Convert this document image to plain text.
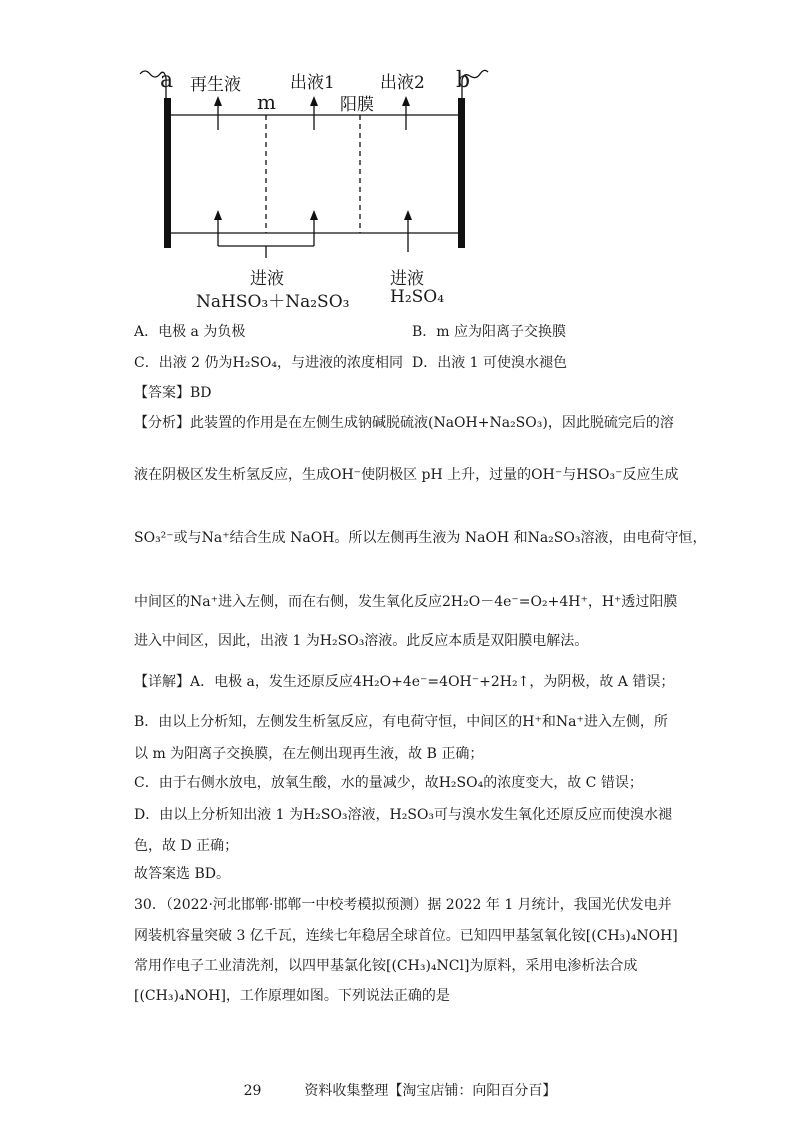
a	b
再生液	出液1	出液2
m	阳膜
进液
NaHSO₃＋Na₂SO₃
进液
H₂SO₄
A．电极 a 为负极	B．m 应为阳离子交换膜
C．出液 2 仍为H₂SO₄，与进液的浓度相同 D．出液 1 可使溴水褪色
【答案】BD
【分析】此装置的作用是在左侧生成钠碱脱硫液(NaOH+Na₂SO₃)，因此脱硫完后的溶
液在阴极区发生析氢反应，生成OH⁻使阴极区 pH 上升，过量的OH⁻与HSO₃⁻反应生成
SO₃²⁻或与Na⁺结合生成 NaOH。所以左侧再生液为 NaOH 和Na₂SO₃溶液，由电荷守恒，
中间区的Na⁺进入左侧，而在右侧，发生氧化反应2H₂O－4e⁻=O₂+4H⁺，H⁺透过阳膜
进入中间区，因此，出液 1 为H₂SO₃溶液。此反应本质是双阳膜电解法。
【详解】A．电极 a，发生还原反应4H₂O+4e⁻=4OH⁻+2H₂↑，为阴极，故 A 错误；
B．由以上分析知，左侧发生析氢反应，有电荷守恒，中间区的H⁺和Na⁺进入左侧，所
以 m 为阳离子交换膜，在左侧出现再生液，故 B 正确；
C．由于右侧水放电，放氧生酸，水的量减少，故H₂SO₄的浓度变大，故 C 错误；
D．由以上分析知出液 1 为H₂SO₃溶液，H₂SO₃可与溴水发生氧化还原反应而使溴水褪
色，故 D 正确；
故答案选 BD。
30．（2022·河北邯郸·邯郸一中校考模拟预测）据 2022 年 1 月统计，我国光伏发电并
网装机容量突破 3 亿千瓦，连续七年稳居全球首位。已知四甲基氢氧化铵[(CH₃)₄NOH]
常用作电子工业清洗剂，以四甲基氯化铵[(CH₃)₄NCl]为原料，采用电渗析法合成
[(CH₃)₄NOH]，工作原理如图。下列说法正确的是
29	资料收集整理【淘宝店铺：向阳百分百】
